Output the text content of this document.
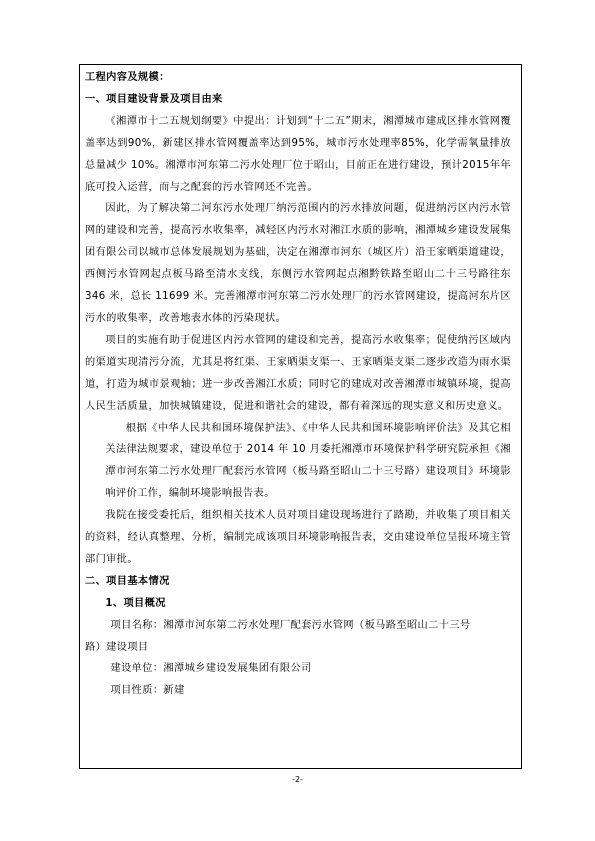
工程内容及规模：

一、项目建设背景及项目由来

《湘潭市十二五规划纲要》中提出：计划到“十二五”期末，湘潭城市建成区排水管网覆盖率达到90%，新建区排水管网覆盖率达到95%，城市污水处理率85%，化学需氧量排放总量减少 10%。湘潭市河东第二污水处理厂位于昭山，目前正在进行建设，预计2015年年底可投入运营，而与之配套的污水管网还不完善。

因此，为了解决第二河东污水处理厂纳污范围内的污水排放问题，促进纳污区内污水管网的建设和完善，提高污水收集率，减轻区内污水对湘江水质的影响，湘潭城乡建设发展集团有限公司以城市总体发展规划为基础，决定在湘潭市河东（城区片）沿王家晒渠道建设，西侧污水管网起点板马路至清水支线，东侧污水管网起点湘黔铁路至昭山二十三号路往东 346 米，总长 11699 米。完善湘潭市河东第二污水处理厂的污水管网建设，提高河东片区污水的收集率，改善地表水体的污染现状。

项目的实施有助于促进区内污水管网的建设和完善，提高污水收集率；促使纳污区域内的渠道实现清污分流，尤其是将红渠、王家晒渠支渠一、王家晒渠支渠二逐步改造为雨水渠道，打造为城市景观轴；进一步改善湘江水质；同时它的建成对改善湘潭市城镇环境，提高人民生活质量，加快城镇建设，促进和谐社会的建设，都有着深远的现实意义和历史意义。

根据《中华人民共和国环境保护法》、《中华人民共和国环境影响评价法》及其它相关法律法规要求，建设单位于 2014 年 10 月委托湘潭市环境保护科学研究院承担《湘潭市河东第二污水处理厂配套污水管网（板马路至昭山二十三号路）建设项目》环境影响评价工作，编制环境影响报告表。

我院在接受委托后，组织相关技术人员对项目建设现场进行了踏勘，并收集了项目相关的资料，经认真整理、分析，编制完成该项目环境影响报告表，交由建设单位呈报环境主管部门审批。

二、项目基本情况

1、项目概况

项目名称：湘潭市河东第二污水处理厂配套污水管网（板马路至昭山二十三号

路）建设项目

建设单位：湘潭城乡建设发展集团有限公司

项目性质：新建

-2-
